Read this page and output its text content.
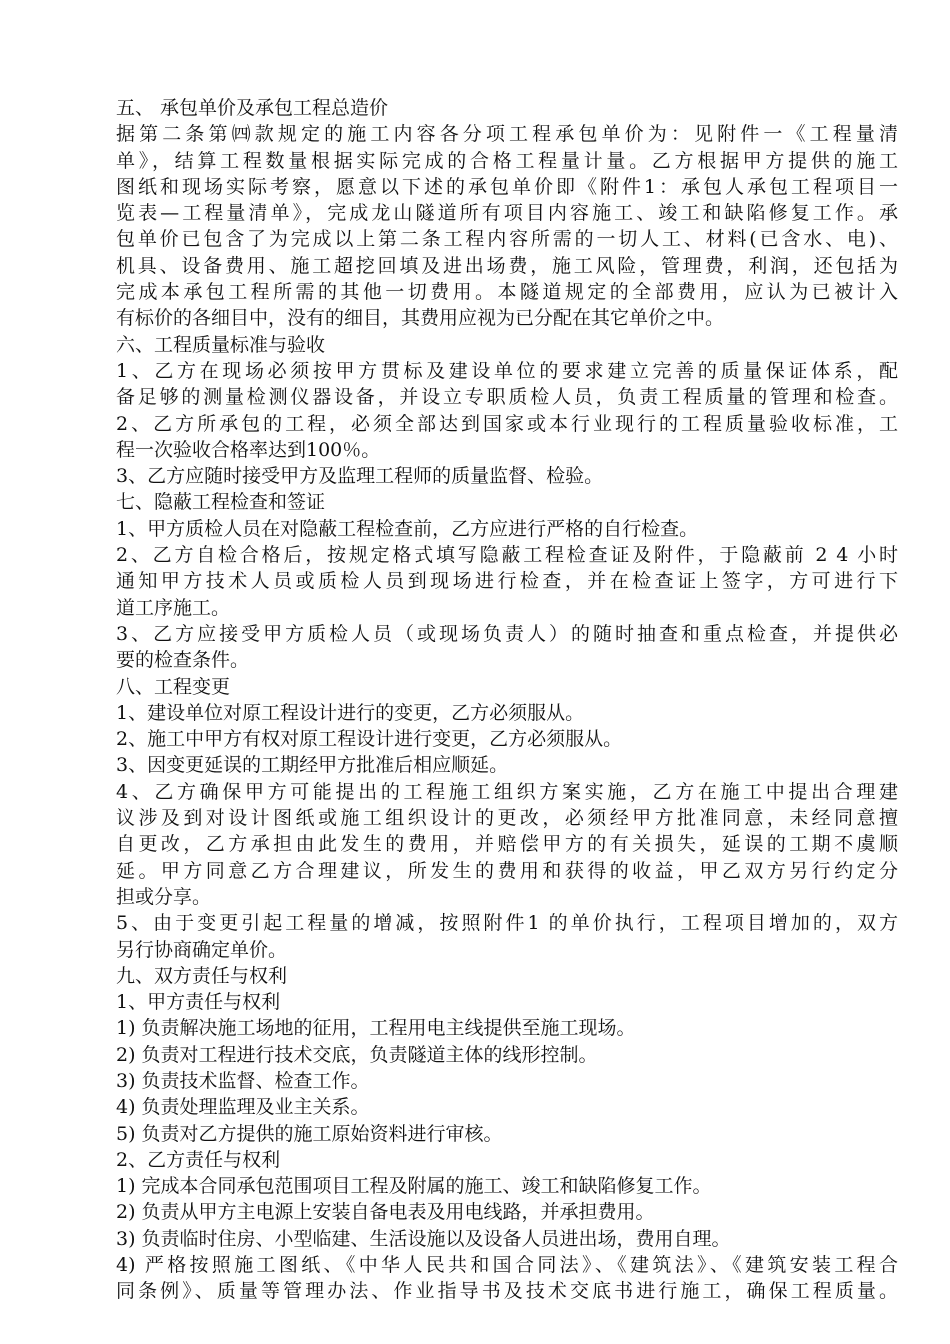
五、 承包单价及承包工程总造价
据第二条第㈣款规定的施工内容各分项工程承包单价为：见附件一《工程量清
单》，结算工程数量根据实际完成的合格工程量计量。乙方根据甲方提供的施工
图纸和现场实际考察，愿意以下述的承包单价即《附件1：承包人承包工程项目一
览表—工程量清单》，完成龙山隧道所有项目内容施工、竣工和缺陷修复工作。承
包单价已包含了为完成以上第二条工程内容所需的一切人工、材料(已含水、电)、
机具、设备费用、施工超挖回填及进出场费，施工风险，管理费，利润，还包括为
完成本承包工程所需的其他一切费用。本隧道规定的全部费用，应认为已被计入
有标价的各细目中，没有的细目，其费用应视为已分配在其它单价之中。
六、工程质量标准与验收
1、乙方在现场必须按甲方贯标及建设单位的要求建立完善的质量保证体系，配
备足够的测量检测仪器设备，并设立专职质检人员，负责工程质量的管理和检查。
2、乙方所承包的工程，必须全部达到国家或本行业现行的工程质量验收标准，工
程一次验收合格率达到100％。
3、乙方应随时接受甲方及监理工程师的质量监督、检验。
七、隐蔽工程检查和签证
1、甲方质检人员在对隐蔽工程检查前，乙方应进行严格的自行检查。
2、乙方自检合格后，按规定格式填写隐蔽工程检查证及附件，于隐蔽前 2 4 小时
通知甲方技术人员或质检人员到现场进行检查，并在检查证上签字，方可进行下
道工序施工。
3、乙方应接受甲方质检人员（或现场负责人）的随时抽查和重点检查，并提供必
要的检查条件。
八、工程变更
1、建设单位对原工程设计进行的变更，乙方必须服从。
2、施工中甲方有权对原工程设计进行变更，乙方必须服从。
3、因变更延误的工期经甲方批准后相应顺延。
4、乙方确保甲方可能提出的工程施工组织方案实施，乙方在施工中提出合理建
议涉及到对设计图纸或施工组织设计的更改，必须经甲方批准同意，未经同意擅
自更改，乙方承担由此发生的费用，并赔偿甲方的有关损失，延误的工期不虞顺
延。甲方同意乙方合理建议，所发生的费用和获得的收益，甲乙双方另行约定分
担或分享。
5、由于变更引起工程量的增减，按照附件1 的单价执行，工程项目增加的，双方
另行协商确定单价。
九、双方责任与权利
1、甲方责任与权利
1) 负责解决施工场地的征用，工程用电主线提供至施工现场。
2) 负责对工程进行技术交底，负责隧道主体的线形控制。
3) 负责技术监督、检查工作。
4) 负责处理监理及业主关系。
5) 负责对乙方提供的施工原始资料进行审核。
2、乙方责任与权利
1) 完成本合同承包范围项目工程及附属的施工、竣工和缺陷修复工作。
2) 负责从甲方主电源上安装自备电表及用电线路，并承担费用。
3) 负责临时住房、小型临建、生活设施以及设备人员进出场，费用自理。
4) 严格按照施工图纸、《中华人民共和国合同法》、《建筑法》、《建筑安装工程合
同条例》、质量等管理办法、作业指导书及技术交底书进行施工，确保工程质量。
